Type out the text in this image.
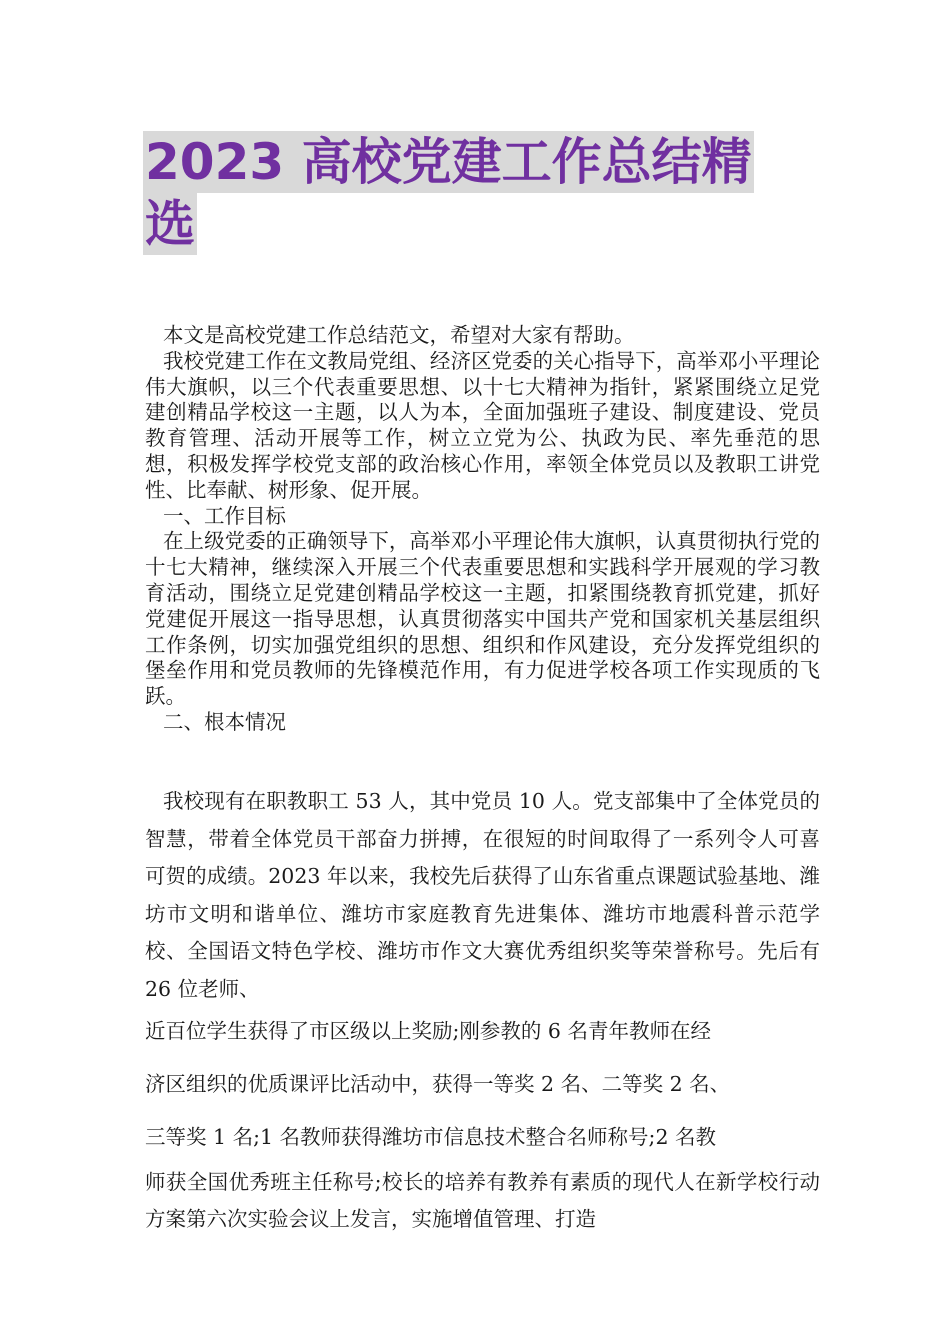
2023 高校党建工作总结精
选

本文是高校党建工作总结范文，希望对大家有帮助。

我校党建工作在文教局党组、经济区党委的关心指导下，高举邓小平理论伟大旗帜，以三个代表重要思想、以十七大精神为指针，紧紧围绕立足党建创精品学校这一主题，以人为本，全面加强班子建设、制度建设、党员教育管理、活动开展等工作，树立立党为公、执政为民、率先垂范的思想，积极发挥学校党支部的政治核心作用，率领全体党员以及教职工讲党性、比奉献、树形象、促开展。

一、工作目标

在上级党委的正确领导下，高举邓小平理论伟大旗帜，认真贯彻执行党的十七大精神，继续深入开展三个代表重要思想和实践科学开展观的学习教育活动，围绕立足党建创精品学校这一主题，扣紧围绕教育抓党建，抓好党建促开展这一指导思想，认真贯彻落实中国共产党和国家机关基层组织工作条例，切实加强党组织的思想、组织和作风建设，充分发挥党组织的堡垒作用和党员教师的先锋模范作用，有力促进学校各项工作实现质的飞跃。

二、根本情况

我校现有在职教职工 53 人，其中党员 10 人。党支部集中了全体党员的智慧，带着全体党员干部奋力拼搏，在很短的时间取得了一系列令人可喜可贺的成绩。2023 年以来，我校先后获得了山东省重点课题试验基地、潍坊市文明和谐单位、潍坊市家庭教育先进集体、潍坊市地震科普示范学校、全国语文特色学校、潍坊市作文大赛优秀组织奖等荣誉称号。先后有 26 位老师、

近百位学生获得了市区级以上奖励;刚参教的 6 名青年教师在经

济区组织的优质课评比活动中，获得一等奖 2 名、二等奖 2 名、

三等奖 1 名;1 名教师获得潍坊市信息技术整合名师称号;2 名教

师获全国优秀班主任称号;校长的培养有教养有素质的现代人在新学校行动方案第六次实验会议上发言，实施增值管理、打造
